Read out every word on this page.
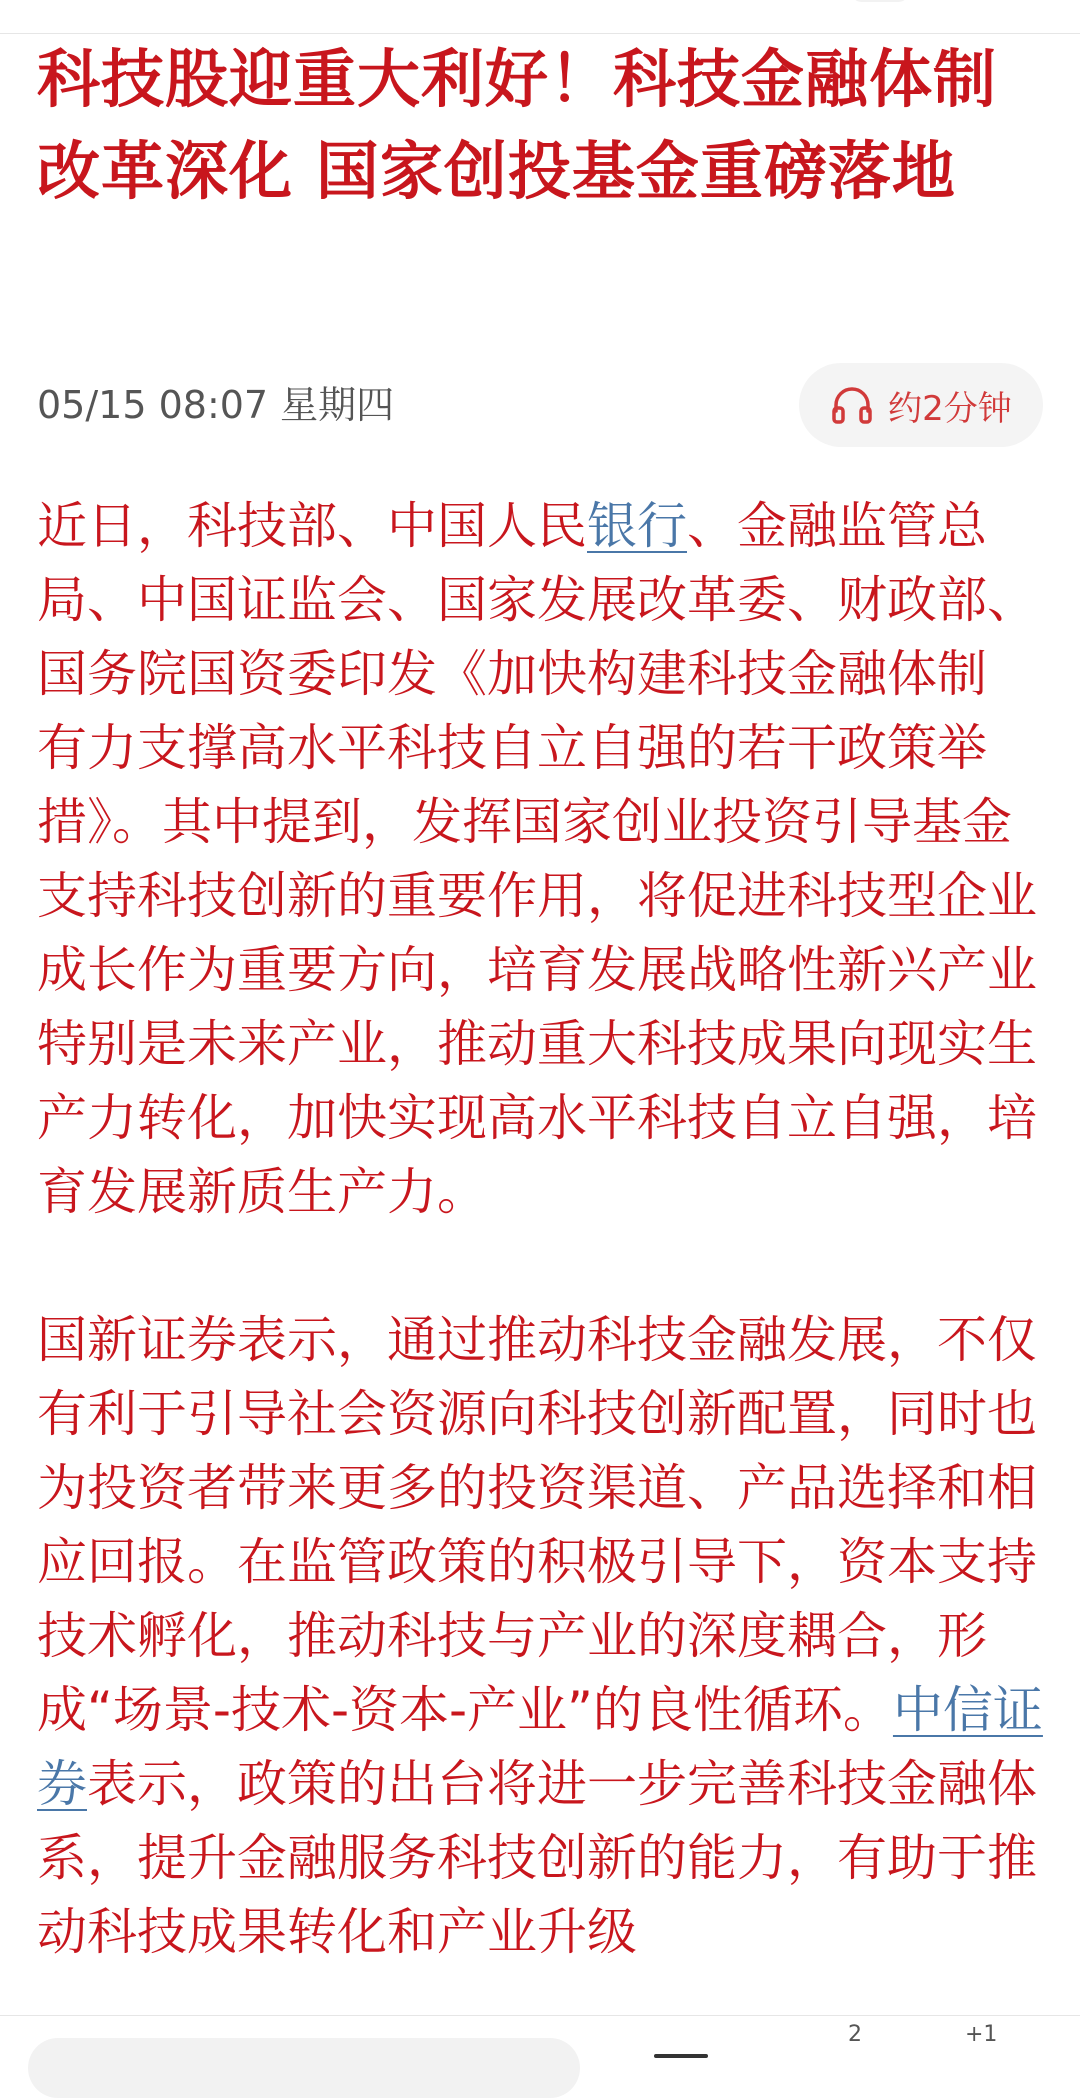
科技股迎重大利好！科技金融体制改革深化 国家创投基金重磅落地
05/15 08:07 星期四	约2分钟

近日，科技部、中国人民银行、金融监管总局、中国证监会、国家发展改革委、财政部、国务院国资委印发《加快构建科技金融体制 有力支撑高水平科技自立自强的若干政策举措》。其中提到，发挥国家创业投资引导基金支持科技创新的重要作用，将促进科技型企业成长作为重要方向，培育发展战略性新兴产业特别是未来产业，推动重大科技成果向现实生产力转化，加快实现高水平科技自立自强，培育发展新质生产力。

国新证券表示，通过推动科技金融发展，不仅有利于引导社会资源向科技创新配置，同时也为投资者带来更多的投资渠道、产品选择和相应回报。在监管政策的积极引导下，资本支持技术孵化，推动科技与产业的深度耦合，形成“场景-技术-资本-产业”的良性循环。中信证券表示，政策的出台将进一步完善科技金融体系，提升金融服务科技创新的能力，有助于推动科技成果转化和产业升级

2	+1
